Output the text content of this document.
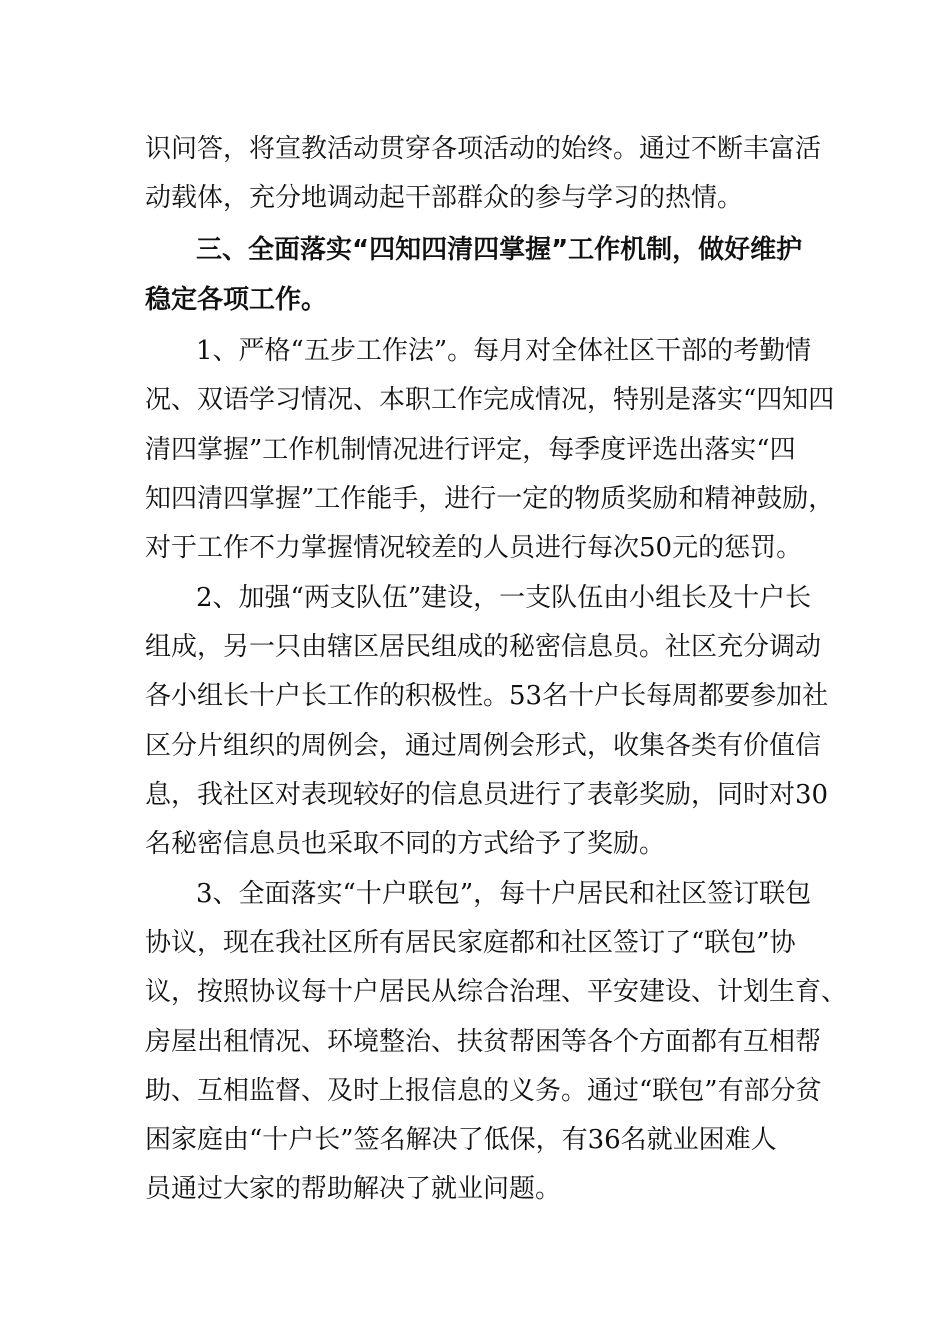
识问答，将宣教活动贯穿各项活动的始终。通过不断丰富活

动载体，充分地调动起干部群众的参与学习的热情。

三、全面落实“四知四清四掌握”工作机制，做好维护

稳定各项工作。

1、严格“五步工作法”。每月对全体社区干部的考勤情

况、双语学习情况、本职工作完成情况，特别是落实“四知四

清四掌握”工作机制情况进行评定，每季度评选出落实“四

知四清四掌握”工作能手，进行一定的物质奖励和精神鼓励，

对于工作不力掌握情况较差的人员进行每次50元的惩罚。

2、加强“两支队伍”建设，一支队伍由小组长及十户长

组成，另一只由辖区居民组成的秘密信息员。社区充分调动

各小组长十户长工作的积极性。53名十户长每周都要参加社

区分片组织的周例会，通过周例会形式，收集各类有价值信

息，我社区对表现较好的信息员进行了表彰奖励，同时对30

名秘密信息员也采取不同的方式给予了奖励。

3、全面落实“十户联包”，每十户居民和社区签订联包

协议，现在我社区所有居民家庭都和社区签订了“联包”协

议，按照协议每十户居民从综合治理、平安建设、计划生育、

房屋出租情况、环境整治、扶贫帮困等各个方面都有互相帮

助、互相监督、及时上报信息的义务。通过“联包”有部分贫

困家庭由“十户长”签名解决了低保，有36名就业困难人

员通过大家的帮助解决了就业问题。
